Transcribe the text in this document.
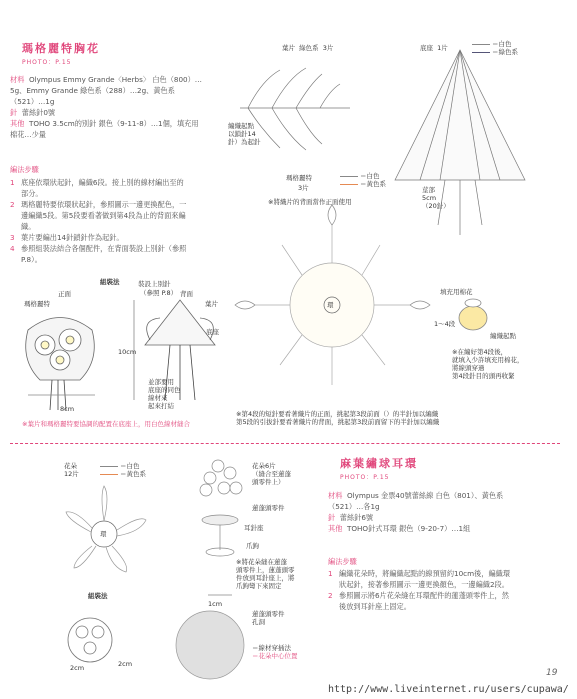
瑪格麗特胸花
PHOTO：P.15
材料 Olympus Emmy Grande〈Herbs〉 白色（800）…
5g、Emmy Grande 綠色系（288）…2g、黃色系
（521）…1g
針 蕾絲針0號
其他 TOHO 3.5cm的別針 銀色（9-11-8）…1個，填充用
棉花…少量
編法步驟
1 底座依環狀起針，編織6段。接上別的線材編出至的
部分。
2 瑪格麗特要依環狀起針，參照圖示一邊更換配色，一
邊編織5段。第5段要看著做到第4段為止的背面來編
織。
3 葉片要編出14針鎖針作為起針。
4 參照組裝法結合各個配件，在背面裝設上別針（參照
P.8）。
組裝法
正面	背面
瑪格麗特
裝設上別針
（參照 P.8）
葉片
底座
10cm
8cm
並部要用
底座的同色
線材來
起來打結
※葉片和瑪格麗特要協調的配置在底座上，用白色線材縫合
葉片 綠色系 3片
編織起點
以鎖針14
針）為起針
底座 1片	＝白色
＝綠色系
莖部
5cm
（20針）
瑪格麗特
3片
＝白色
＝黃色系
※將織片的背面當作正面使用
環
填充用棉花
1〜4段
編織起點
※在編好第4段後，
就填入少許填充用棉花，
將線頭穿過
第4段針目的頭再收緊
※第4段的短針要看著織片的正面，挑起第3段前面（）的半針加以編織
第5段的引拔針要看著織片的背面，挑起第3段前面留下的半針加以編織
花朵
12片
＝白色
＝黃色系
環
組裝法
2cm	2cm
花朵6片
（縫合至蓮蓬
頭零件上）
蓮蓬頭零件
耳針座
爪鉤
※將花朵縫在蓮蓬
頭零件上，蓮蓬頭零
件放到耳針座上，將
爪鉤彎下來固定
1cm
蓮蓬頭零件
孔洞
＝線材穿插法
＝花朵中心位置
麻葉繡球耳環
PHOTO：P.15
材料 Olympus 金票40號蕾絲線 白色（801）、黃色系
（521）…各1g
針 蕾絲針6號
其他 TOHO針式耳環 銀色（9-20-7）…1組
編法步驟
1 編織花朵時，將編織起點的線預留約10cm後，編織環
狀起針，接著參照圖示一邊更換顏色，一邊編織2段。
2 參照圖示將6片花朵縫在耳環配件的蓮蓬頭零件上，然
後放到耳針座上固定。
19
http://www.liveinternet.ru/users/cupawa/
